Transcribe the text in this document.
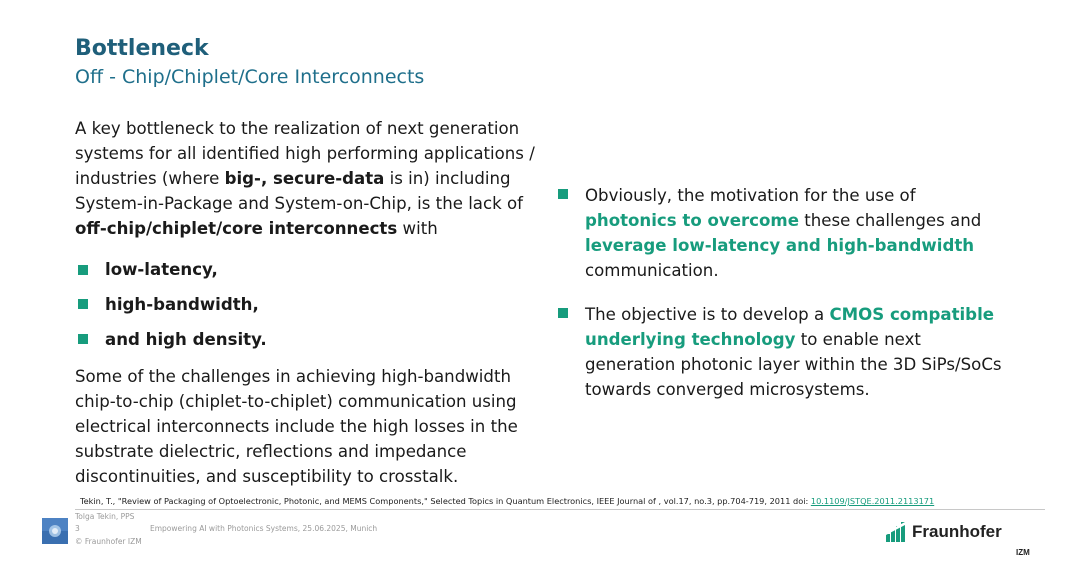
Bottleneck
Off - Chip/Chiplet/Core Interconnects
A key bottleneck to the realization of next generation systems for all identified high performing applications / industries (where big-, secure-data is in) including System-in-Package and System-on-Chip, is the lack of off-chip/chiplet/core interconnects with
low-latency,
high-bandwidth,
and high density.
Some of the challenges in achieving high-bandwidth chip-to-chip (chiplet-to-chiplet) communication using electrical interconnects include the high losses in the substrate dielectric, reflections and impedance discontinuities, and susceptibility to crosstalk.
Obviously, the motivation for the use of photonics to overcome these challenges and leverage low-latency and high-bandwidth communication.
The objective is to develop a CMOS compatible underlying technology to enable next generation photonic layer within the 3D SiPs/SoCs towards converged microsystems.
Tekin, T., "Review of Packaging of Optoelectronic, Photonic, and MEMS Components," Selected Topics in Quantum Electronics, IEEE Journal of , vol.17, no.3, pp.704-719, 2011 doi: 10.1109/JSTQE.2011.2113171
Tolga Tekin, PPS
3	Empowering AI with Photonics Systems, 25.06.2025, Munich
© Fraunhofer IZM
Fraunhofer
IZM
